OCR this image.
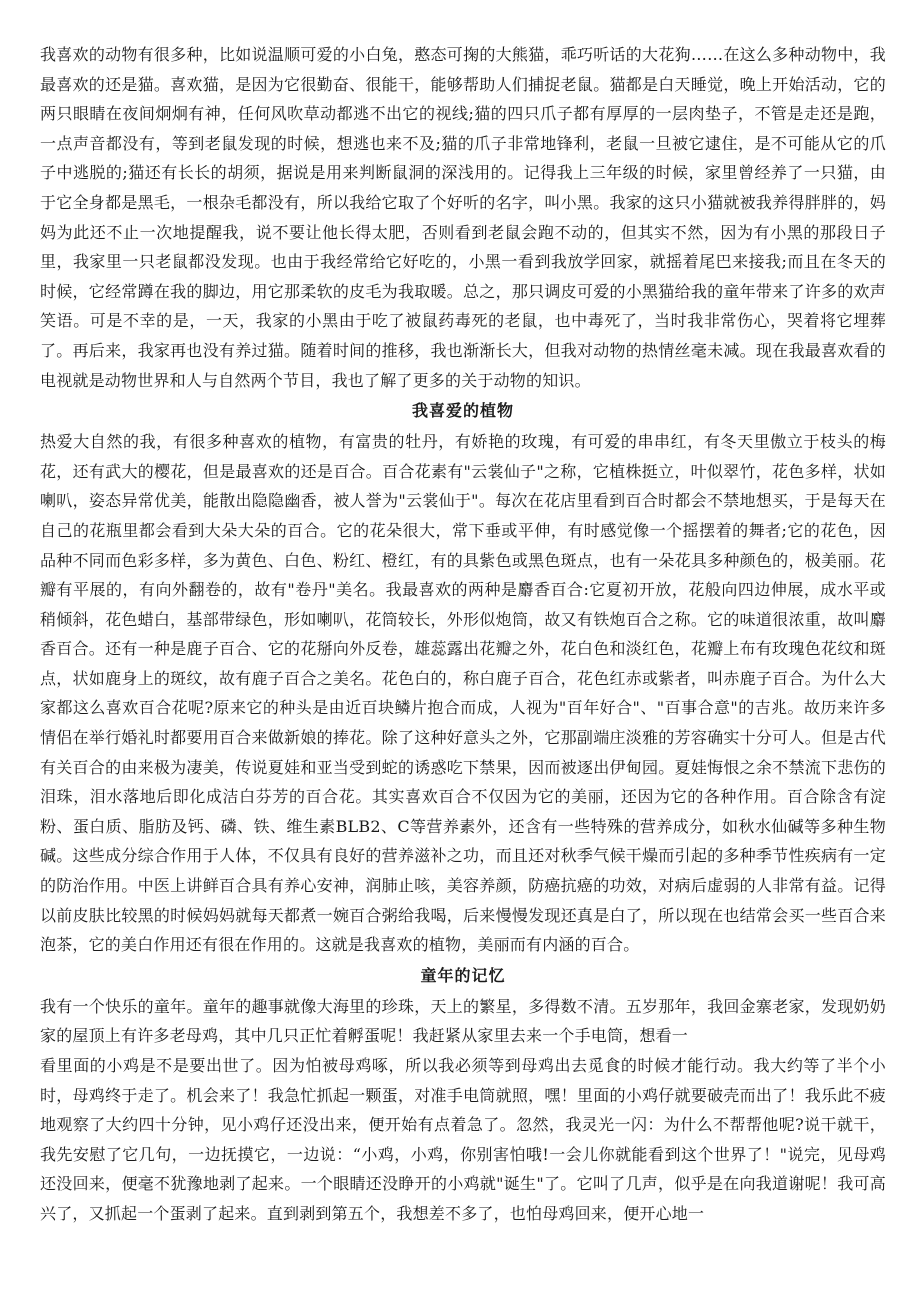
我喜欢的动物有很多种，比如说温顺可爱的小白兔，憨态可掬的大熊猫，乖巧听话的大花狗……在这么多种动物中，我最喜欢的还是猫。喜欢猫，是因为它很勤奋、很能干，能够帮助人们捕捉老鼠。猫都是白天睡觉，晚上开始活动，它的两只眼睛在夜间炯炯有神，任何风吹草动都逃不出它的视线;猫的四只爪子都有厚厚的一层肉垫子，不管是走还是跑，一点声音都没有，等到老鼠发现的时候，想逃也来不及;猫的爪子非常地锋利，老鼠一旦被它逮住，是不可能从它的爪子中逃脱的;猫还有长长的胡须，据说是用来判断鼠洞的深浅用的。记得我上三年级的时候，家里曾经养了一只猫，由于它全身都是黑毛，一根杂毛都没有，所以我给它取了个好听的名字，叫小黑。我家的这只小猫就被我养得胖胖的，妈妈为此还不止一次地提醒我，说不要让他长得太肥，否则看到老鼠会跑不动的，但其实不然，因为有小黑的那段日子里，我家里一只老鼠都没发现。也由于我经常给它好吃的，小黑一看到我放学回家，就摇着尾巴来接我;而且在冬天的时候，它经常蹲在我的脚边，用它那柔软的皮毛为我取暖。总之，那只调皮可爱的小黑猫给我的童年带来了许多的欢声笑语。可是不幸的是，一天，我家的小黑由于吃了被鼠药毒死的老鼠，也中毒死了，当时我非常伤心，哭着将它埋葬了。再后来，我家再也没有养过猫。随着时间的推移，我也渐渐长大，但我对动物的热情丝毫未减。现在我最喜欢看的电视就是动物世界和人与自然两个节目，我也了解了更多的关于动物的知识。

我喜爱的植物

热爱大自然的我，有很多种喜欢的植物，有富贵的牡丹，有娇艳的玫瑰，有可爱的串串红，有冬天里傲立于枝头的梅花，还有武大的樱花，但是最喜欢的还是百合。百合花素有"云裳仙子"之称，它植株挺立，叶似翠竹，花色多样，状如喇叭，姿态异常优美，能散出隐隐幽香，被人誉为"云裳仙于"。每次在花店里看到百合时都会不禁地想买，于是每天在自己的花瓶里都会看到大朵大朵的百合。它的花朵很大，常下垂或平伸，有时感觉像一个摇摆着的舞者;它的花色，因品种不同而色彩多样，多为黄色、白色、粉红、橙红，有的具紫色或黑色斑点，也有一朵花具多种颜色的，极美丽。花瓣有平展的，有向外翻卷的，故有"卷丹"美名。我最喜欢的两种是麝香百合:它夏初开放，花般向四边伸展，成水平或稍倾斜，花色蜡白，基部带绿色，形如喇叭，花筒较长，外形似炮筒，故又有铁炮百合之称。它的味道很浓重，故叫麝香百合。还有一种是鹿子百合、它的花掰向外反卷，雄蕊露出花瓣之外，花白色和淡红色，花瓣上布有玫瑰色花纹和斑点，状如鹿身上的斑纹，故有鹿子百合之美名。花色白的，称白鹿子百合，花色红赤或紫者，叫赤鹿子百合。为什么大家都这么喜欢百合花呢?原来它的种头是由近百块鳞片抱合而成，人视为"百年好合"、"百事合意"的吉兆。故历来许多情侣在举行婚礼时都要用百合来做新娘的捧花。除了这种好意头之外，它那副端庄淡雅的芳容确实十分可人。但是古代有关百合的由来极为凄美，传说夏娃和亚当受到蛇的诱惑吃下禁果，因而被逐出伊甸园。夏娃悔恨之余不禁流下悲伤的泪珠，泪水落地后即化成洁白芬芳的百合花。其实喜欢百合不仅因为它的美丽，还因为它的各种作用。百合除含有淀粉、蛋白质、脂肪及钙、磷、铁、维生素BLB2、C等营养素外，还含有一些特殊的营养成分，如秋水仙碱等多种生物碱。这些成分综合作用于人体，不仅具有良好的营养滋补之功，而且还对秋季气候干燥而引起的多种季节性疾病有一定的防治作用。中医上讲鲜百合具有养心安神，润肺止咳，美容养颜，防癌抗癌的功效，对病后虚弱的人非常有益。记得以前皮肤比较黑的时候妈妈就每天都煮一婉百合粥给我喝，后来慢慢发现还真是白了，所以现在也结常会买一些百合来泡茶，它的美白作用还有很在作用的。这就是我喜欢的植物，美丽而有内涵的百合。

童年的记忆

我有一个快乐的童年。童年的趣事就像大海里的珍珠，天上的繁星，多得数不清。五岁那年，我回金寨老家，发现奶奶家的屋顶上有许多老母鸡，其中几只正忙着孵蛋呢！我赶紧从家里去来一个手电筒，想看一

看里面的小鸡是不是要出世了。因为怕被母鸡啄，所以我必须等到母鸡出去觅食的时候才能行动。我大约等了半个小时，母鸡终于走了。机会来了！我急忙抓起一颗蛋，对准手电筒就照，嘿！里面的小鸡仔就要破壳而出了！我乐此不疲地观察了大约四十分钟，见小鸡仔还没出来，便开始有点着急了。忽然，我灵光一闪：为什么不帮帮他呢?说干就干，我先安慰了它几句，一边抚摸它，一边说：“小鸡，小鸡，你别害怕哦!一会儿你就能看到这个世界了！"说完，见母鸡还没回来，便毫不犹豫地剥了起来。一个眼睛还没睁开的小鸡就"诞生"了。它叫了几声，似乎是在向我道谢呢！我可高兴了，又抓起一个蛋剥了起来。直到剥到第五个，我想差不多了，也怕母鸡回来，便开心地一
